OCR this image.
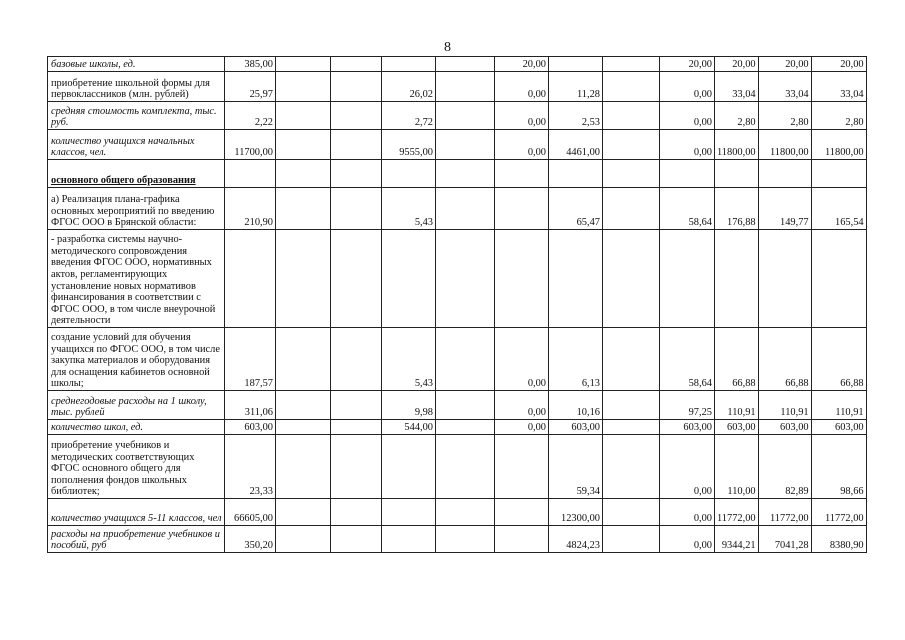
8
базовые школы, ед.	385,00					20,00			20,00	20,00	20,00	20,00
приобретение школьной формы для первоклассников (млн. рублей)	25,97			26,02		0,00	11,28		0,00	33,04	33,04	33,04
средняя стоимость комплекта, тыс. руб.	2,22			2,72		0,00	2,53		0,00	2,80	2,80	2,80
количество учащихся начальных классов, чел.	11700,00			9555,00		0,00	4461,00		0,00	11800,00	11800,00	11800,00
основного общего образования												
а) Реализация плана-графика основных мероприятий по введению ФГОС ООО в Брянской области:	210,90			5,43			65,47		58,64	176,88	149,77	165,54
- разработка системы научно-методического сопровождения введения ФГОС ООО, нормативных актов, регламентирующих установление новых нормативов финансирования в соответствии с ФГОС ООО, в том числе внеурочной деятельности												
создание условий для обучения учащихся по ФГОС ООО, в том числе закупка материалов и оборудования для оснащения кабинетов основной школы;	187,57			5,43		0,00	6,13		58,64	66,88	66,88	66,88
среднегодовые расходы на 1 школу, тыс. рублей	311,06			9,98		0,00	10,16		97,25	110,91	110,91	110,91
количество школ, ед.	603,00			544,00		0,00	603,00		603,00	603,00	603,00	603,00
приобретение учебников и методических соответствующих ФГОС основного общего для пополнения фондов школьных библиотек;	23,33						59,34		0,00	110,00	82,89	98,66
количество учащихся 5-11 классов, чел	66605,00						12300,00		0,00	11772,00	11772,00	11772,00
расходы на приобретение учебников и пособий, руб	350,20						4824,23		0,00	9344,21	7041,28	8380,90
